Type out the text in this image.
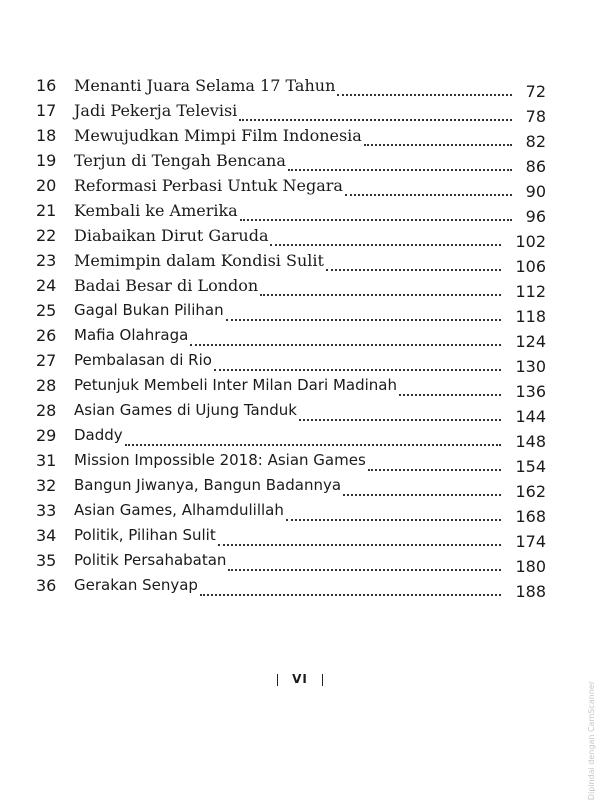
16 Menanti Juara Selama 17 Tahun	72
17 Jadi Pekerja Televisi	78
18 Mewujudkan Mimpi Film Indonesia	82
19 Terjun di Tengah Bencana	86
20 Reformasi Perbasi Untuk Negara	90
21 Kembali ke Amerika	96
22 Diabaikan Dirut Garuda	102
23 Memimpin dalam Kondisi Sulit	106
24 Badai Besar di London	112
25 Gagal Bukan Pilihan	118
26 Mafia Olahraga	124
27 Pembalasan di Rio	130
28 Petunjuk Membeli Inter Milan Dari Madinah	136
28 Asian Games di Ujung Tanduk	144
29 Daddy	148
31 Mission Impossible 2018: Asian Games	154
32 Bangun Jiwanya, Bangun Badannya	162
33 Asian Games, Alhamdulillah	168
34 Politik, Pilihan Sulit	174
35 Politik Persahabatan	180
36 Gerakan Senyap	188
VI
Dipindai dengan CamScanner
